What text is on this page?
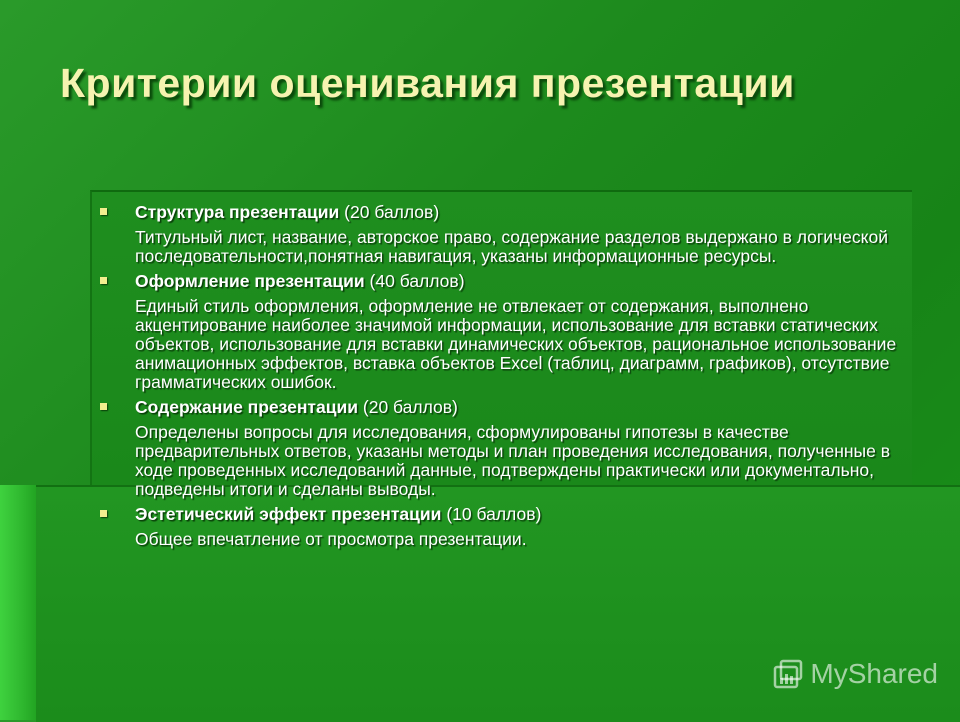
Критерии оценивания презентации
Структура презентации (20 баллов)
Титульный лист, название, авторское право, содержание разделов выдержано в логической последовательности,понятная навигация, указаны информационные ресурсы.
Оформление презентации (40 баллов)
Единый стиль оформления, оформление не отвлекает от содержания, выполнено акцентирование наиболее значимой информации, использование для вставки статических объектов, использование для вставки динамических объектов, рациональное использование анимационных эффектов, вставка объектов Excel (таблиц, диаграмм, графиков), отсутствие грамматических ошибок.
Содержание презентации (20 баллов)
Определены вопросы для исследования, сформулированы гипотезы в качестве предварительных ответов, указаны методы и план проведения исследования, полученные в ходе проведенных исследований данные, подтверждены практически или документально, подведены итоги и сделаны выводы.
Эстетический эффект презентации (10 баллов)
Общее впечатление от просмотра презентации.
MyShared
